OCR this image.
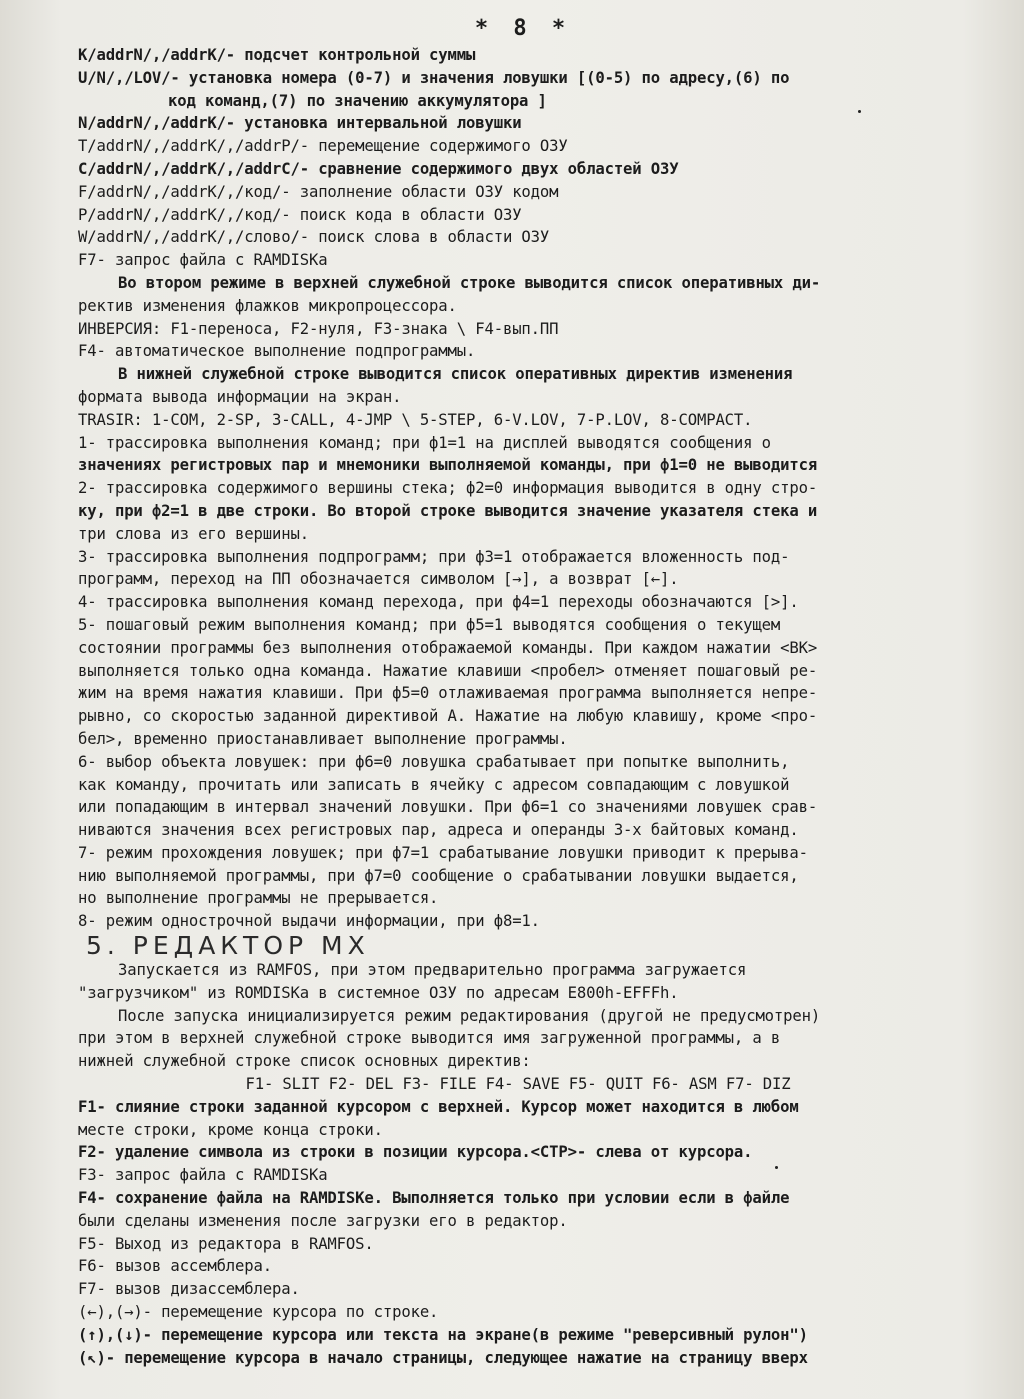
* 8 *
K/addrN/,/addrK/- подсчет контрольной суммы
U/N/,/LOV/- установка номера (0-7) и значения ловушки [(0-5) по адресу,(6) по
код команд,(7) по значению аккумулятора ]
N/addrN/,/addrK/- установка интервальной ловушки
T/addrN/,/addrK/,/addrP/- перемещение содержимого ОЗУ
C/addrN/,/addrK/,/addrC/- сравнение содержимого двух областей ОЗУ
F/addrN/,/addrK/,/код/- заполнение области ОЗУ кодом
P/addrN/,/addrK/,/код/- поиск кода в области ОЗУ
W/addrN/,/addrK/,/слово/- поиск слова в области ОЗУ
F7- запрос файла с RAMDISKa
Во втором режиме в верхней служебной строке выводится список оперативных ди-
ректив изменения флажков микропроцессора.
ИНВЕРСИЯ: F1-переноса, F2-нуля, F3-знака \ F4-вып.ПП
F4- автоматическое выполнение подпрограммы.
В нижней служебной строке выводится список оперативных директив изменения
формата вывода информации на экран.
TRASIR: 1-COM, 2-SP, 3-CALL, 4-JMP \ 5-STEP, 6-V.LOV, 7-P.LOV, 8-COMPACT.
1- трассировка выполнения команд; при ф1=1 на дисплей выводятся сообщения о
значениях регистровых пар и мнемоники выполняемой команды, при ф1=0 не выводится
2- трассировка содержимого вершины стека; ф2=0 информация выводится в одну стро-
ку, при ф2=1 в две строки. Во второй строке выводится значение указателя стека и
три слова из его вершины.
3- трассировка выполнения подпрограмм; при ф3=1 отображается вложенность под-
программ, переход на ПП обозначается символом [→], а возврат [←].
4- трассировка выполнения команд перехода, при ф4=1 переходы обозначаются [>].
5- пошаговый режим выполнения команд; при ф5=1 выводятся сообщения о текущем
состоянии программы без выполнения отображаемой команды. При каждом нажатии <ВК>
выполняется только одна команда. Нажатие клавиши <пробел> отменяет пошаговый ре-
жим на время нажатия клавиши. При ф5=0 отлаживаемая программа выполняется непре-
рывно, со скоростью заданной директивой A. Нажатие на любую клавишу, кроме <про-
бел>, временно приостанавливает выполнение программы.
6- выбор объекта ловушек: при ф6=0 ловушка срабатывает при попытке выполнить,
как команду, прочитать или записать в ячейку с адресом совпадающим с ловушкой
или попадающим в интервал значений ловушки. При ф6=1 со значениями ловушек срав-
ниваются значения всех регистровых пар, адреса и операнды 3-х байтовых команд.
7- режим прохождения ловушек; при ф7=1 срабатывание ловушки приводит к прерыва-
нию выполняемой программы, при ф7=0 сообщение о срабатывании ловушки выдается,
но выполнение программы не прерывается.
8- режим однострочной выдачи информации, при ф8=1.
5. РЕДАКТОР MX
Запускается из RAMFOS, при этом предварительно программа загружается
"загрузчиком" из ROMDISKa в системное ОЗУ по адресам E800h-EFFFh.
После запуска инициализируется режим редактирования (другой не предусмотрен)
при этом в верхней служебной строке выводится имя загруженной программы, а в
нижней служебной строке список основных директив:
F1- SLIT F2- DEL F3- FILE F4- SAVE F5- QUIT F6- ASM F7- DIZ
F1- слияние строки заданной курсором с верхней. Курсор может находится в любом
месте строки, кроме конца строки.
F2- удаление символа из строки в позиции курсора.<СТР>- слева от курсора.
F3- запрос файла с RAMDISKa
F4- сохранение файла на RAMDISKe. Выполняется только при условии если в файле
были сделаны изменения после загрузки его в редактор.
F5- Выход из редактора в RAMFOS.
F6- вызов ассемблера.
F7- вызов дизассемблера.
(←),(→)- перемещение курсора по строке.
(↑),(↓)- перемещение курсора или текста на экране(в режиме "реверсивный рулон")
(↖)- перемещение курсора в начало страницы, следующее нажатие на страницу вверх
